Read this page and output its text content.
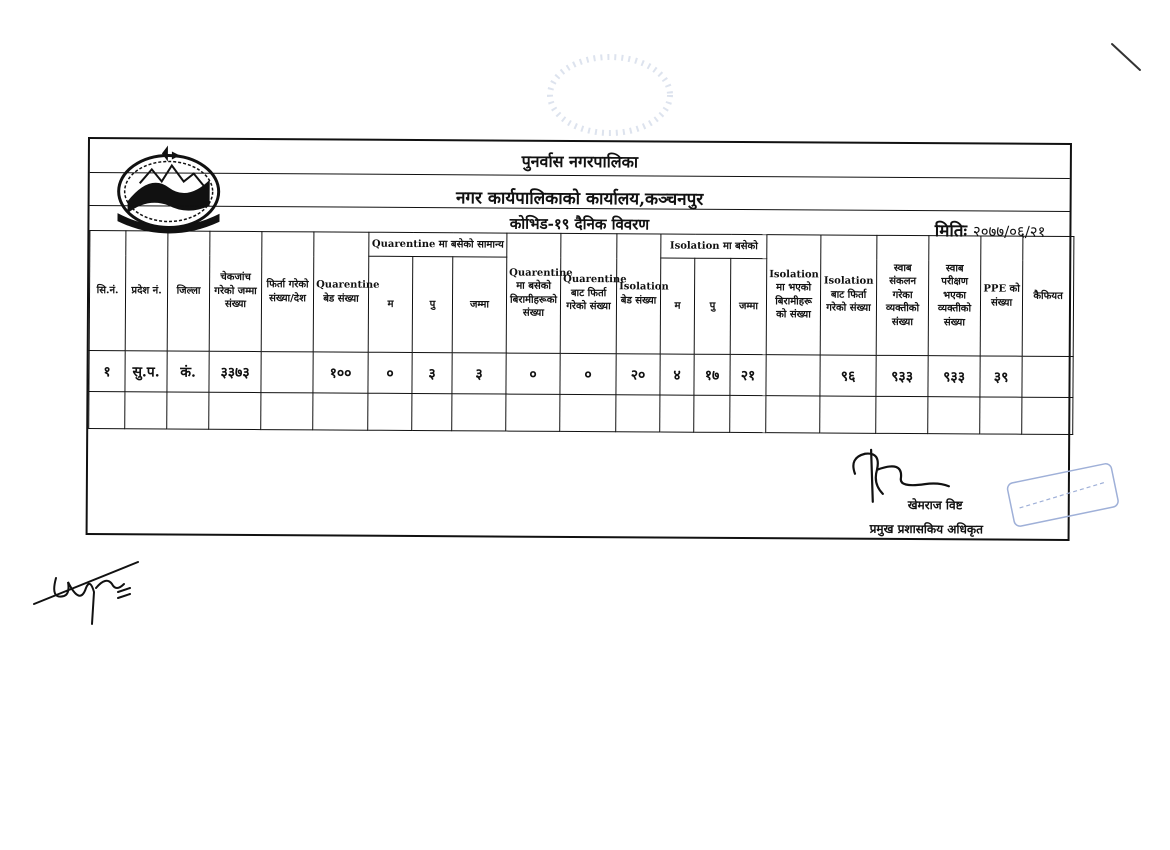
पुनर्वास नगरपालिका
नगर कार्यपालिकाको कार्यालय,कञ्चनपुर
कोभिड-१९ दैनिक विवरण	मितिः २०७७/०६/२१
सि.नं.	प्रदेश नं.	जिल्ला	चेकजांच गरेको जम्मा संख्या	फिर्ता गरेको संख्या/देश	Quarentine बेड संख्या	Quarentine मा बसेको सामान्य			Quarentine मा बसेको बिरामीहरूको संख्या	Quarentine बाट फिर्ता गरेको संख्या	Isolation बेड संख्या	Isolation मा बसेको			Isolation मा भएको बिरामीहरू को संख्या	Isolation बाट फिर्ता गरेको संख्या	स्वाब संकलन गरेका व्यक्तीको संख्या	स्वाब परीक्षण भएका व्यक्तीको संख्या	PPE को संख्या	कैफियत
						म	पु	जम्मा				म	पु	जम्मा						
१	सु.प.	कं.	३३७३		१००	०	३	३	०	०	२०	४	१७	२१		९६	९३३	९३३	३९	

खेमराज विष्ट
प्रमुख प्रशासकिय अधिकृत
